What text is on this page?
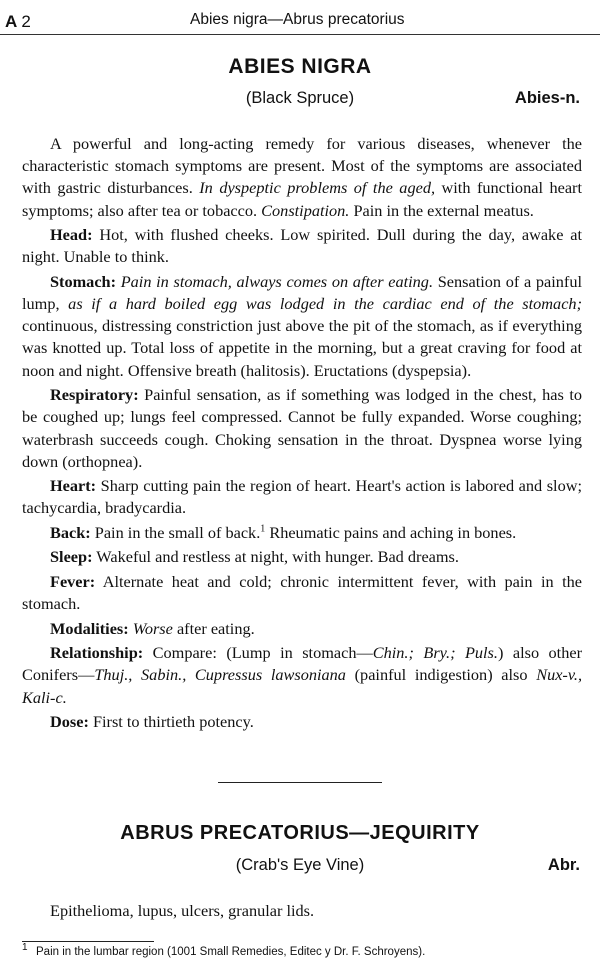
A 2	Abies nigra—Abrus precatorius
ABIES NIGRA
(Black Spruce)	Abies-n.

A powerful and long-acting remedy for various diseases, whenever the characteristic stomach symptoms are present. Most of the symptoms are associated with gastric disturbances. In dyspeptic problems of the aged, with functional heart symptoms; also after tea or tobacco. Constipation. Pain in the external meatus.

Head: Hot, with flushed cheeks. Low spirited. Dull during the day, awake at night. Unable to think.

Stomach: Pain in stomach, always comes on after eating. Sensation of a painful lump, as if a hard boiled egg was lodged in the cardiac end of the stomach; continuous, distressing constriction just above the pit of the stomach, as if everything was knotted up. Total loss of appetite in the morning, but a great craving for food at noon and night. Offensive breath (halitosis). Eructations (dyspepsia).

Respiratory: Painful sensation, as if something was lodged in the chest, has to be coughed up; lungs feel compressed. Cannot be fully expanded. Worse coughing; waterbrash succeeds cough. Choking sensation in the throat. Dyspnea worse lying down (orthopnea).

Heart: Sharp cutting pain the region of heart. Heart's action is labored and slow; tachycardia, bradycardia.

Back: Pain in the small of back.$^1$ Rheumatic pains and aching in bones.

Sleep: Wakeful and restless at night, with hunger. Bad dreams.

Fever: Alternate heat and cold; chronic intermittent fever, with pain in the stomach.

Modalities: Worse after eating.

Relationship: Compare: (Lump in stomach—Chin.; Bry.; Puls.) also other Conifers—Thuj., Sabin., Cupressus lawsoniana (painful indigestion) also Nux-v., Kali-c.

Dose: First to thirtieth potency.

ABRUS PRECATORIUS—JEQUIRITY
(Crab's Eye Vine)	Abr.

Epithelioma, lupus, ulcers, granular lids.

$^1$ Pain in the lumbar region (1001 Small Remedies, Editec y Dr. F. Schroyens).
